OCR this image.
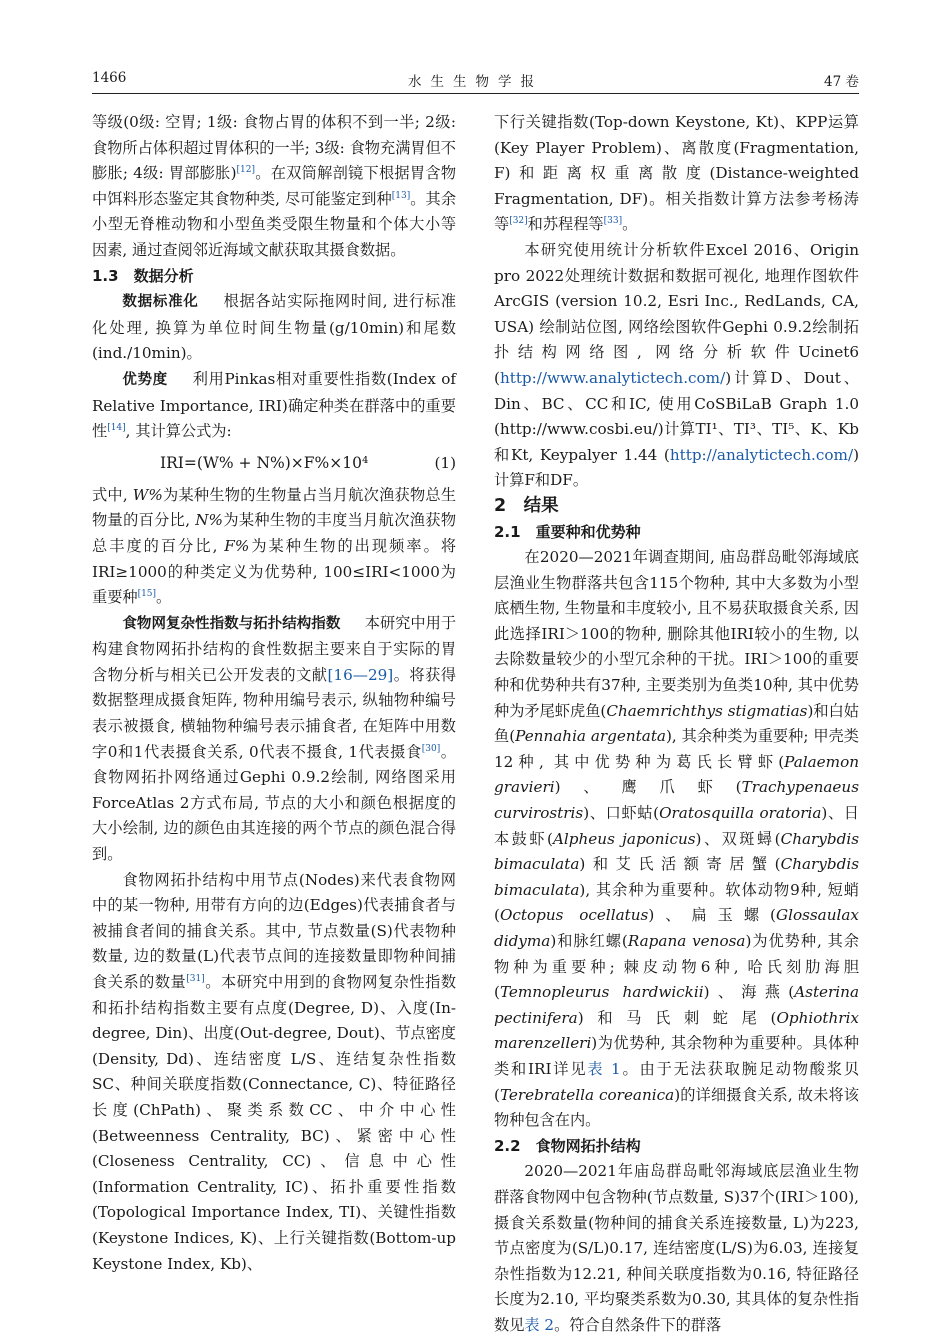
1466	水生生物学报	47 卷

等级(0级: 空胃; 1级: 食物占胃的体积不到一半; 2级: 食物所占体积超过胃体积的一半; 3级: 食物充满胃但不膨胀; 4级: 胃部膨胀)[12]。在双筒解剖镜下根据胃含物中饵料形态鉴定其食物种类, 尽可能鉴定到种[13]。其余小型无脊椎动物和小型鱼类受限生物量和个体大小等因素, 通过查阅邻近海域文献获取其摄食数据。

1.3　数据分析

数据标准化 根据各站实际拖网时间, 进行标准化处理, 换算为单位时间生物量(g/10min)和尾数(ind./10min)。

优势度 利用Pinkas相对重要性指数(Index of Relative Importance, IRI)确定种类在群落中的重要性[14], 其计算公式为:

IRI=(W% + N%)×F%×10⁴	(1)

式中, W%为某种生物的生物量占当月航次渔获物总生物量的百分比, N%为某种生物的丰度当月航次渔获物总丰度的百分比, F%为某种生物的出现频率。将IRI≥1000的种类定义为优势种, 100≤IRI<1000为重要种[15]。

食物网复杂性指数与拓扑结构指数 本研究中用于构建食物网拓扑结构的食性数据主要来自于实际的胃含物分析与相关已公开发表的文献[16—29]。将获得数据整理成摄食矩阵, 物种用编号表示, 纵轴物种编号表示被摄食, 横轴物种编号表示捕食者, 在矩阵中用数字0和1代表摄食关系, 0代表不摄食, 1代表摄食[30]。食物网拓扑网络通过Gephi 0.9.2绘制, 网络图采用ForceAtlas 2方式布局, 节点的大小和颜色根据度的大小绘制, 边的颜色由其连接的两个节点的颜色混合得到。

食物网拓扑结构中用节点(Nodes)来代表食物网中的某一物种, 用带有方向的边(Edges)代表捕食者与被捕食者间的捕食关系。其中, 节点数量(S)代表物种数量, 边的数量(L)代表节点间的连接数量即物种间捕食关系的数量[31]。本研究中用到的食物网复杂性指数和拓扑结构指数主要有点度(Degree, D)、入度(In-degree, Din)、出度(Out-degree, Dout)、节点密度(Density, Dd)、连结密度 L/S、连结复杂性指数SC、种间关联度指数(Connectance, C)、特征路径长度(ChPath)、聚类系数CC、中介中心性(Betweenness Centrality, BC)、紧密中心性(Closeness Centrality, CC)、信息中心性(Information Centrality, IC)、拓扑重要性指数(Topological Importance Index, TI)、关键性指数(Keystone Indices, K)、上行关键指数(Bottom-up Keystone Index, Kb)、

下行关键指数(Top-down Keystone, Kt)、KPP运算(Key Player Problem)、离散度(Fragmentation, F)和距离权重离散度(Distance-weighted Fragmentation, DF)。相关指数计算方法参考杨涛等[32]和苏程程等[33]。

本研究使用统计分析软件Excel 2016、Origin pro 2022处理统计数据和数据可视化, 地理作图软件ArcGIS (version 10.2, Esri Inc., RedLands, CA, USA) 绘制站位图, 网络绘图软件Gephi 0.9.2绘制拓扑结构网络图, 网络分析软件Ucinet6 (http://www.analytictech.com/)计算D、Dout、Din、BC、CC和IC, 使用CoSBiLaB Graph 1.0 (http://www.cosbi.eu/)计算TI¹、TI³、TI⁵、K、Kb 和Kt, Keypalyer 1.44 (http://analytictech.com/)计算F和DF。

2　结果

2.1　重要种和优势种

在2020—2021年调查期间, 庙岛群岛毗邻海域底层渔业生物群落共包含115个物种, 其中大多数为小型底栖生物, 生物量和丰度较小, 且不易获取摄食关系, 因此选择IRI＞100的物种, 删除其他IRI较小的生物, 以去除数量较少的小型冗余种的干扰。IRI＞100的重要种和优势种共有37种, 主要类别为鱼类10种, 其中优势种为矛尾虾虎鱼(Chaemrichthys stigmatias)和白姑鱼(Pennahia argentata), 其余种类为重要种; 甲壳类12种, 其中优势种为葛氏长臂虾(Palaemon gravieri)、鹰爪虾(Trachypenaeus curvirostris)、口虾蛄(Oratosquilla oratoria)、日本鼓虾(Alpheus japonicus)、双斑蟳(Charybdis bimaculata)和艾氏活额寄居蟹(Charybdis bimaculata), 其余种为重要种。软体动物9种, 短蛸(Octopus ocellatus)、扁玉螺(Glossaulax didyma)和脉红螺(Rapana venosa)为优势种, 其余物种为重要种; 棘皮动物6种, 哈氏刻肋海胆(Temnopleurus hardwickii)、海燕(Asterina pectinifera)和马氏刺蛇尾(Ophiothrix marenzelleri)为优势种, 其余物种为重要种。具体种类和IRI详见表 1。由于无法获取腕足动物酸浆贝(Terebratella coreanica)的详细摄食关系, 故未将该物种包含在内。

2.2　食物网拓扑结构

2020—2021年庙岛群岛毗邻海域底层渔业生物群落食物网中包含物种(节点数量, S)37个(IRI＞100), 摄食关系数量(物种间的捕食关系连接数量, L)为223, 节点密度为(S/L)0.17, 连结密度(L/S)为6.03, 连接复杂性指数为12.21, 种间关联度指数为0.16, 特征路径长度为2.10, 平均聚类系数为0.30, 其具体的复杂性指数见表 2。符合自然条件下的群落
